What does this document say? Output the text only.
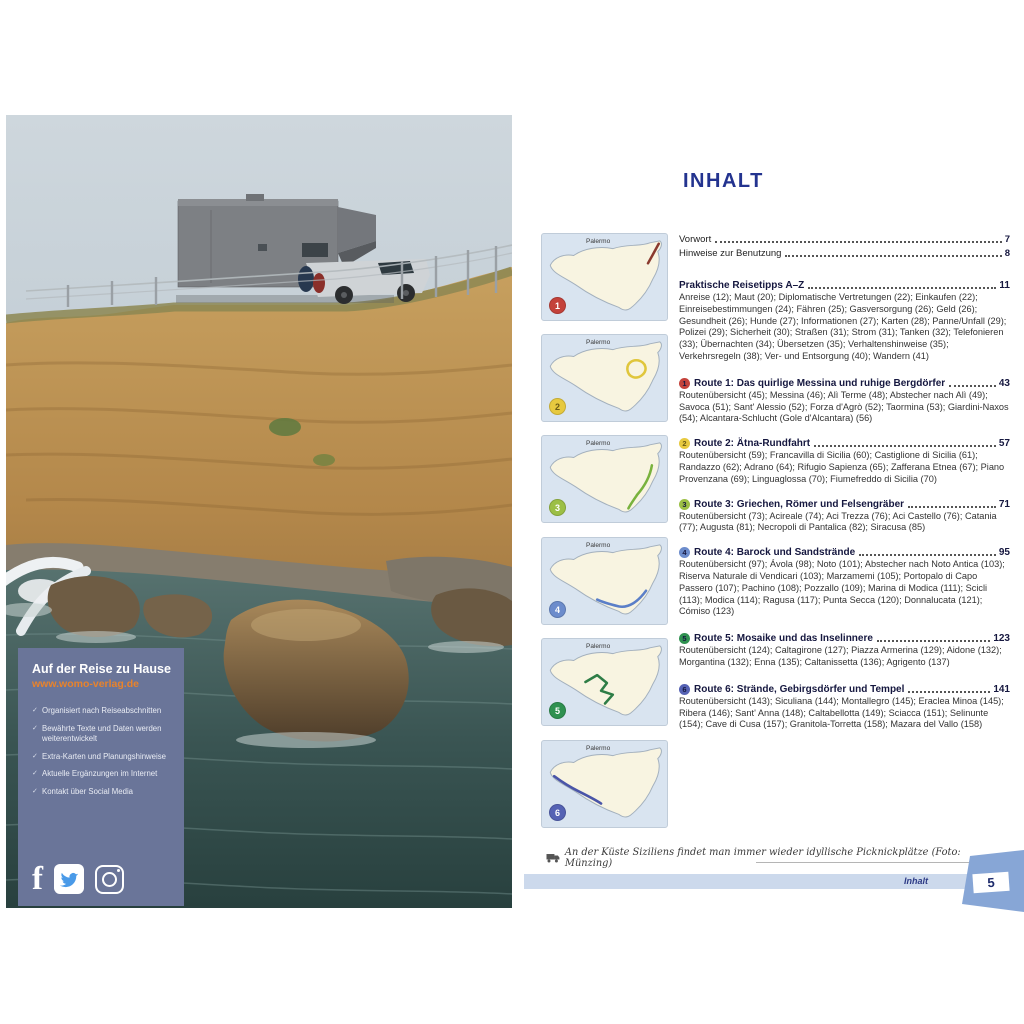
Auf der Reise zu Hause
www.womo-verlag.de
✓ Organisiert nach Reiseabschnitten
✓ Bewährte Texte und Daten werden weiterentwickelt
✓ Extra-Karten und Planungshinweise
✓ Aktuelle Ergänzungen im Internet
✓ Kontakt über Social Media
f
INHALT
Palermo
1
Palermo
2
Palermo
3
Palermo
4
Palermo
5
Palermo
6
Vorwort	7
Hinweise zur Benutzung	8
Praktische Reisetipps A–Z	11
Anreise (12); Maut (20); Diplomatische Vertretungen (22); Einkaufen (22); Einreisebestimmungen (24); Fähren (25); Gasversorgung (26); Geld (26); Gesundheit (26); Hunde (27); Informationen (27); Karten (28); Panne/Unfall (29); Polizei (29); Sicherheit (30); Straßen (31); Strom (31); Tanken (32); Telefonieren (33); Übernachten (34); Übersetzen (35); Verhaltenshinweise (35); Verkehrsregeln (38); Ver- und Entsorgung (40); Wandern (41)
1 Route 1: Das quirlige Messina und ruhige Bergdörfer	43
Routenübersicht (45); Messina (46); Alì Terme (48); Abstecher nach Alì (49); Savoca (51); Sant' Alessio (52); Forza d'Agrò (52); Taormina (53); Giardini-Naxos (54); Alcantara-Schlucht (Gole d'Alcantara) (56)
2 Route 2: Ätna-Rundfahrt	57
Routenübersicht (59); Francavilla di Sicilia (60); Castiglione di Sicilia (61); Randazzo (62); Adrano (64); Rifugio Sapienza (65); Zafferana Etnea (67); Piano Provenzana (69); Linguaglossa (70); Fiumefreddo di Sicilia (70)
3 Route 3: Griechen, Römer und Felsengräber	71
Routenübersicht (73); Acireale (74); Aci Trezza (76); Aci Castello (76); Catania (77); Augusta (81); Necropoli di Pantalica (82); Siracusa (85)
4 Route 4: Barock und Sandstrände	95
Routenübersicht (97); Ávola (98); Noto (101); Abstecher nach Noto Antica (103); Riserva Naturale di Vendicari (103); Marzamemi (105); Portopalo di Capo Passero (107); Pachino (108); Pozzallo (109); Marina di Modica (111); Scicli (113); Modica (114); Ragusa (117); Punta Secca (120); Donnalucata (121); Cómiso (123)
5 Route 5: Mosaike und das Inselinnere	123
Routenübersicht (124); Caltagirone (127); Piazza Armerina (129); Aidone (132); Morgantina (132); Enna (135); Caltanissetta (136); Agrigento (137)
6 Route 6: Strände, Gebirgsdörfer und Tempel	141
Routenübersicht (143); Siculiana (144); Montallegro (145); Eraclea Minoa (145); Ribera (146); Sant' Anna (148); Caltabellotta (149); Sciacca (151); Selinunte (154); Cave di Cusa (157); Granitola-Torretta (158); Mazara del Vallo (158)
An der Küste Siziliens findet man immer wieder idyllische Picknickplätze (Foto: Münzing)
Inhalt	5
